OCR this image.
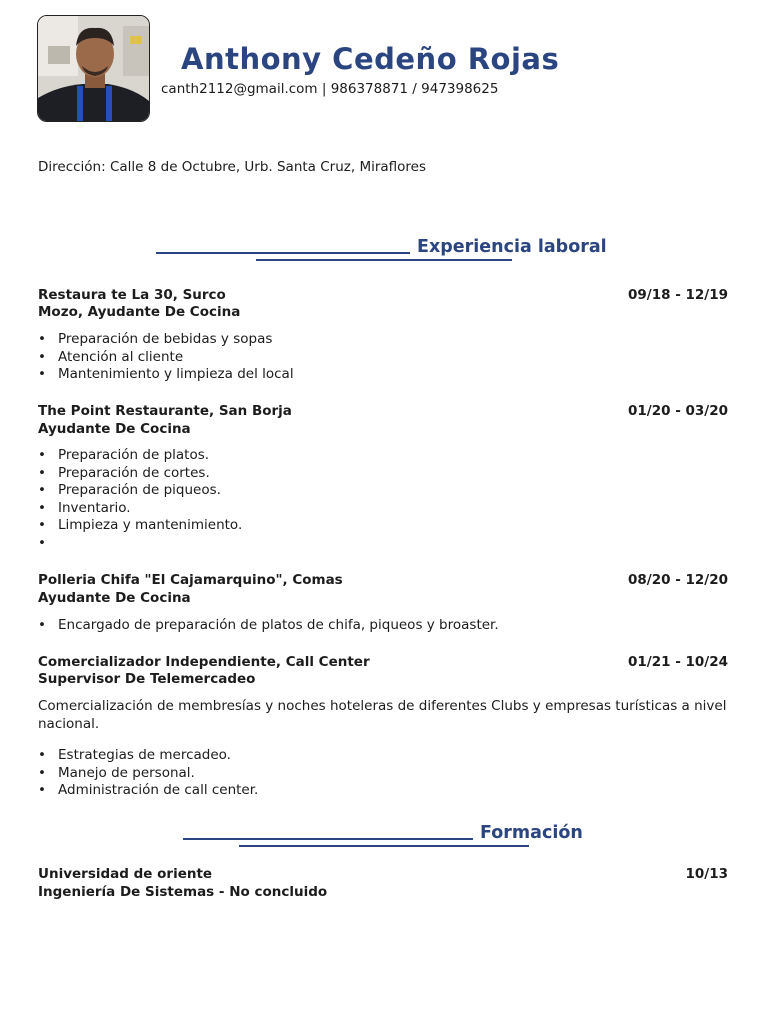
Anthony Cedeño Rojas
canth2112@gmail.com | 986378871 / 947398625
Dirección: Calle 8 de Octubre, Urb. Santa Cruz, Miraflores
Experiencia laboral
Restaura te La 30, Surco	09/18 - 12/19
Mozo, Ayudante De Cocina
• Preparación de bebidas y sopas
• Atención al cliente
• Mantenimiento y limpieza del local
The Point Restaurante, San Borja	01/20 - 03/20
Ayudante De Cocina
• Preparación de platos.
• Preparación de cortes.
• Preparación de piqueos.
• Inventario.
• Limpieza y mantenimiento.
•
Polleria Chifa "El Cajamarquino", Comas	08/20 - 12/20
Ayudante De Cocina
• Encargado de preparación de platos de chifa, piqueos y broaster.
Comercializador Independiente, Call Center	01/21 - 10/24
Supervisor De Telemercadeo
Comercialización de membresías y noches hoteleras de diferentes Clubs y empresas turísticas a nivel nacional.
• Estrategias de mercadeo.
• Manejo de personal.
• Administración de call center.
Formación
Universidad de oriente	10/13
Ingeniería De Sistemas - No concluido
